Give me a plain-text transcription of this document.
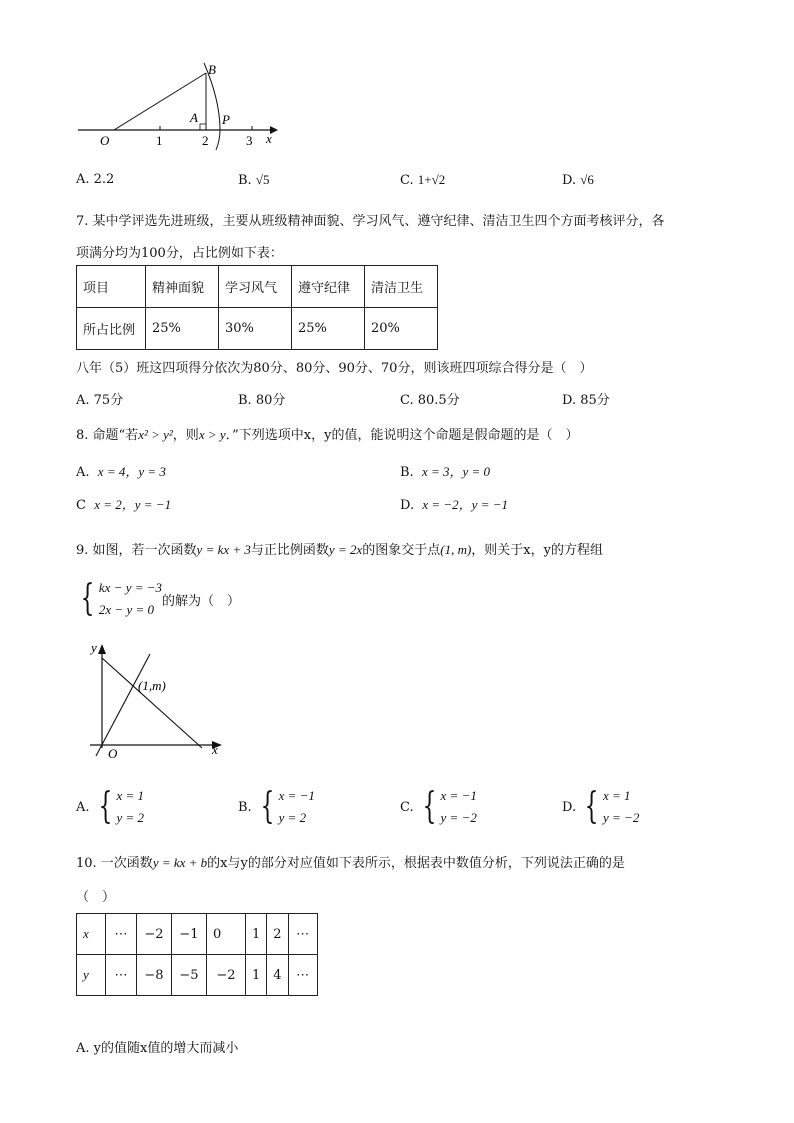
B
A P
O	1	2	3 x
A. 2.2	B. √5	C. 1+√2	D. √6
7. 某中学评选先进班级，主要从班级精神面貌、学习风气、遵守纪律、清洁卫生四个方面考核评分，各
项满分均为100分，占比例如下表：
项目	精神面貌	学习风气	遵守纪律	清洁卫生
所占比例	25%	30%	25%	20%
八年（5）班这四项得分依次为80分、80分、90分、70分，则该班四项综合得分是（　）
A. 75分	B. 80分	C. 80.5分	D. 85分
8. 命题“若x² > y²，则x > y．”下列选项中x，y的值，能说明这个命题是假命题的是（　）
A. x = 4，y = 3	B. x = 3，y = 0
C x = 2，y = −1	D. x = −2，y = −1
9. 如图，若一次函数y = kx + 3与正比例函数y = 2x的图象交于点(1, m)，则关于x，y的方程组
{ kx − y = −3
2x − y = 0
的解为（　）
y
x
O
(1,m)
A. { x = 1
y = 2
B. { x = −1
y = 2
C. { x = −1
y = −2
D. { x = 1
y = −2
10. 一次函数y = kx + b的x与y的部分对应值如下表所示，根据表中数值分析，下列说法正确的是
（　）
x	⋯	−2	−1	0	1	2	⋯
y	⋯	−8	−5	−2	1	4	⋯
A. y的值随x值的增大而减小
